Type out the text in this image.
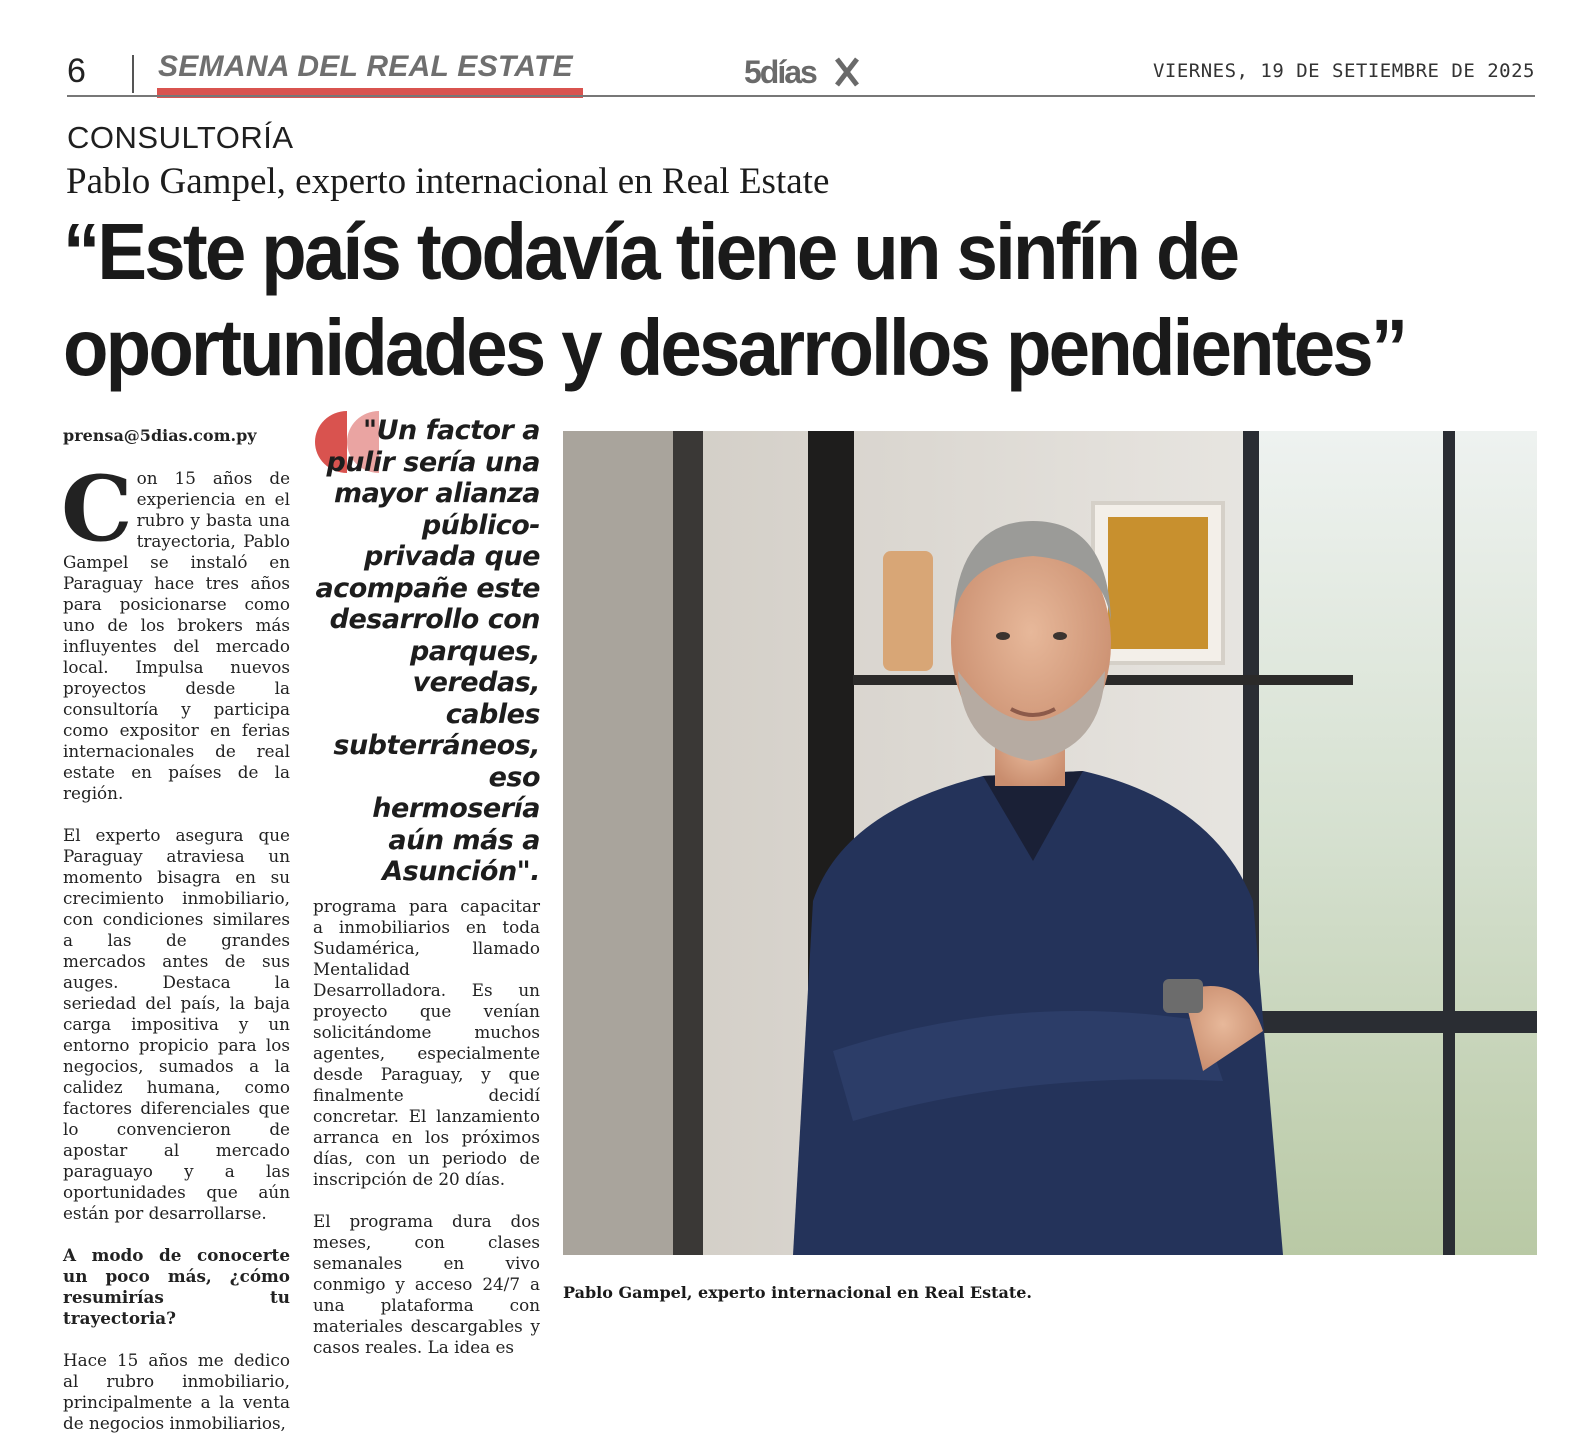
6 SEMANA DEL REAL ESTATE	5días	VIERNES, 19 DE SETIEMBRE DE 2025
CONSULTORÍA
Pablo Gampel, experto internacional en Real Estate
“Este país todavía tiene un sinfín de oportunidades y desarrollos pendientes”
prensa@5dias.com.py

Con 15 años de experiencia en el rubro y basta una trayectoria, Pablo Gampel se instaló en Paraguay hace tres años para posicionarse como uno de los brokers más influyentes del mercado local. Impulsa nuevos proyectos desde la consultoría y participa como expositor en ferias internacionales de real estate en países de la región.

El experto asegura que Paraguay atraviesa un momento bisagra en su crecimiento inmobiliario, con condiciones similares a las de grandes mercados antes de sus auges. Destaca la seriedad del país, la baja carga impositiva y un entorno propicio para los negocios, sumados a la calidez humana, como factores diferenciales que lo convencieron de apostar al mercado paraguayo y a las oportunidades que aún están por desarrollarse.

A modo de conocerte un poco más, ¿cómo resumirías tu trayectoria?

Hace 15 años me dedico al rubro inmobiliario, principalmente a la venta de negocios inmobiliarios,

"Un factor a pulir sería una mayor alianza público-privada que acompañe este desarrollo con parques, veredas, cables subterráneos, eso hermosería aún más a Asunción".

programa para capacitar a inmobiliarios en toda Sudamérica, llamado Mentalidad Desarrolladora. Es un proyecto que venían solicitándome muchos agentes, especialmente desde Paraguay, y que finalmente decidí concretar. El lanzamiento arranca en los próximos días, con un periodo de inscripción de 20 días.

El programa dura dos meses, con clases semanales en vivo conmigo y acceso 24/7 a una plataforma con materiales descargables y casos reales. La idea es

Pablo Gampel, experto internacional en Real Estate.
